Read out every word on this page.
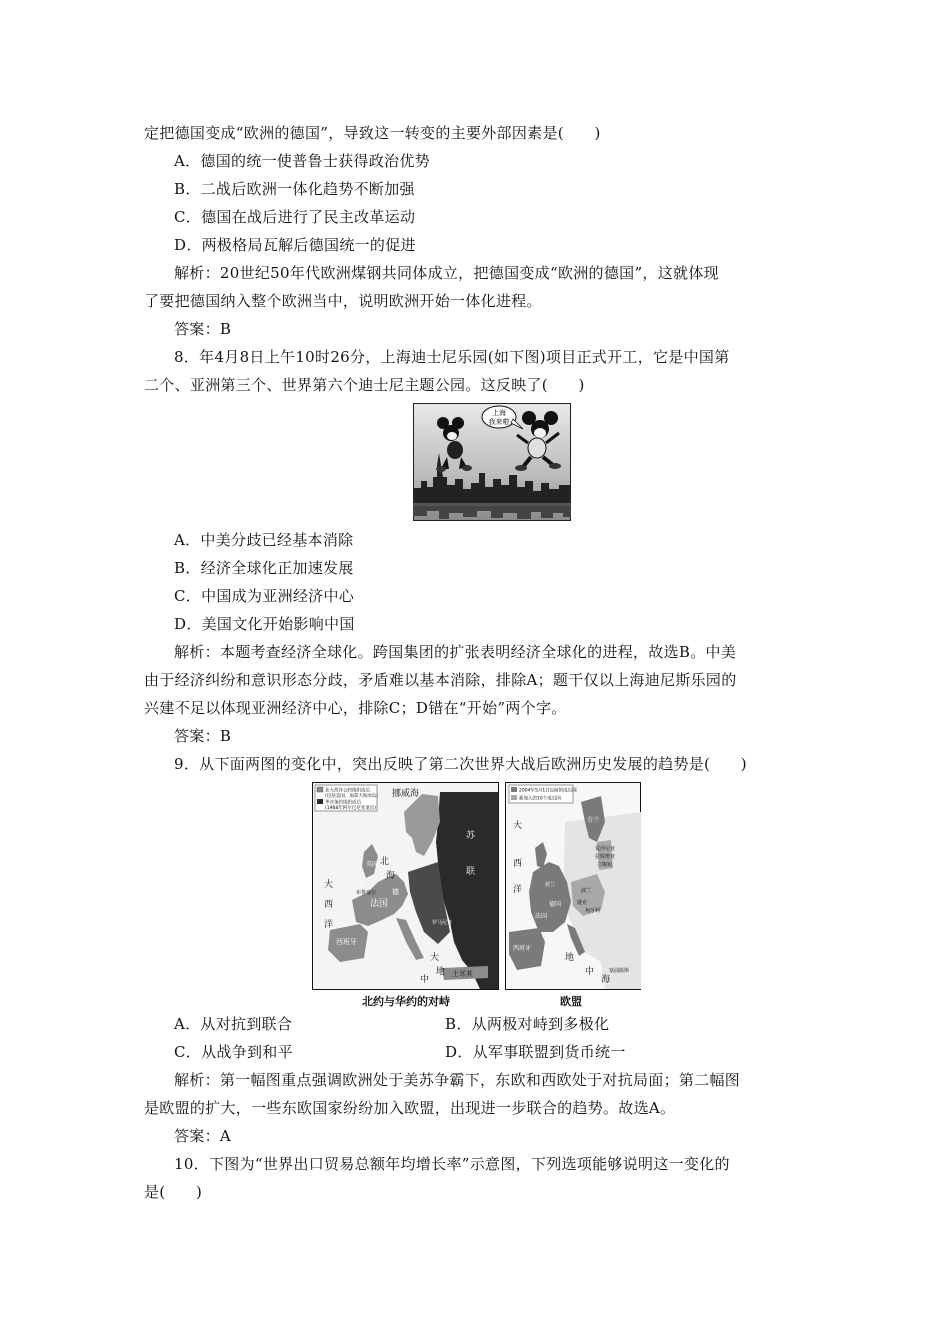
定把德国变成“欧洲的德国”，导致这一转变的主要外部因素是(　　)
A．德国的统一使普鲁士获得政治优势
B．二战后欧洲一体化趋势不断加强
C．德国在战后进行了民主改革运动
D．两极格局瓦解后德国统一的促进
解析：20世纪50年代欧洲煤钢共同体成立，把德国变成“欧洲的德国”，这就体现
了要把德国纳入整个欧洲当中，说明欧洲开始一体化进程。
答案：B
8．年4月8日上午10时26分，上海迪士尼乐园(如下图)项目正式开工，它是中国第
二个、亚洲第三个、世界第六个迪士尼主题公园。这反映了(　　)
上海
我来啦
A．中美分歧已经基本消除
B．经济全球化正加速发展
C．中国成为亚洲经济中心
D．美国文化开始影响中国
解析：本题考查经济全球化。跨国集团的扩张表明经济全球化的进程，故选B。中美
由于经济纠纷和意识形态分歧，矛盾难以基本消除，排除A；题干仅以上海迪尼斯乐园的
兴建不足以体现亚洲经济中心，排除C；D错在“开始”两个字。
答案：B
9．从下面两图的变化中，突出反映了第二次世界大战后欧洲历史发展的趋势是(　　)
北大西洋公约组织成员
(包括美国、加拿大和冰岛)
华沙条约组织成员
(1968年阿尔巴尼亚退出)
挪威海
北
海
大
西
洋
法国
西班牙
大
地
中
土耳其
苏
联
美
德
罗马尼亚
布鲁塞尔
英国
北约与华约的对峙
2004年5月1日以前的成员国
新加入的10个成员国
大
西
洋
德国
法国
西班牙
荷兰
波兰
立陶宛
拉脱维亚
爱沙尼亚
捷克
匈牙利
地
中
海
塞浦路斯
芬兰
欧盟
A．从对抗到联合	B．从两极对峙到多极化
C．从战争到和平	D．从军事联盟到货币统一
解析：第一幅图重点强调欧洲处于美苏争霸下，东欧和西欧处于对抗局面；第二幅图
是欧盟的扩大，一些东欧国家纷纷加入欧盟，出现进一步联合的趋势。故选A。
答案：A
10．下图为“世界出口贸易总额年均增长率”示意图，下列选项能够说明这一变化的
是(　　)
